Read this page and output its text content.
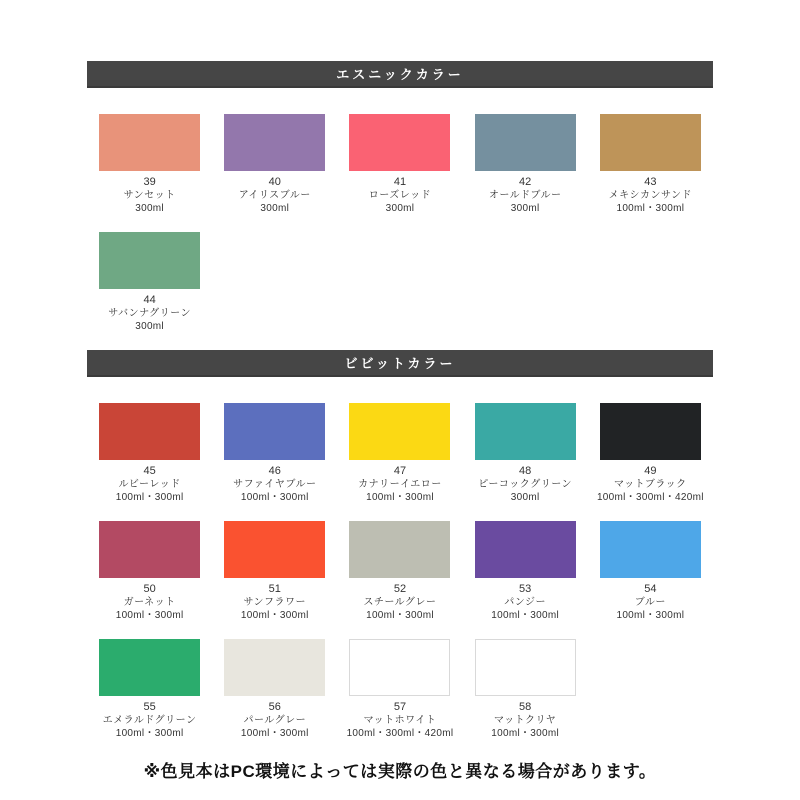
エスニックカラー
39
サンセット
300ml
40
アイリスブルー
300ml
41
ローズレッド
300ml
42
オールドブルー
300ml
43
メキシカンサンド
100ml・300ml
44
サバンナグリーン
300ml
ビビットカラー
45
ルビーレッド
100ml・300ml
46
サファイヤブルー
100ml・300ml
47
カナリーイエロー
100ml・300ml
48
ピーコックグリーン
300ml
49
マットブラック
100ml・300ml・420ml
50
ガーネット
100ml・300ml
51
サンフラワー
100ml・300ml
52
スチールグレー
100ml・300ml
53
パンジー
100ml・300ml
54
ブルー
100ml・300ml
55
エメラルドグリーン
100ml・300ml
56
パールグレー
100ml・300ml
57
マットホワイト
100ml・300ml・420ml
58
マットクリヤ
100ml・300ml
※色見本はPC環境によっては実際の色と異なる場合があります。
